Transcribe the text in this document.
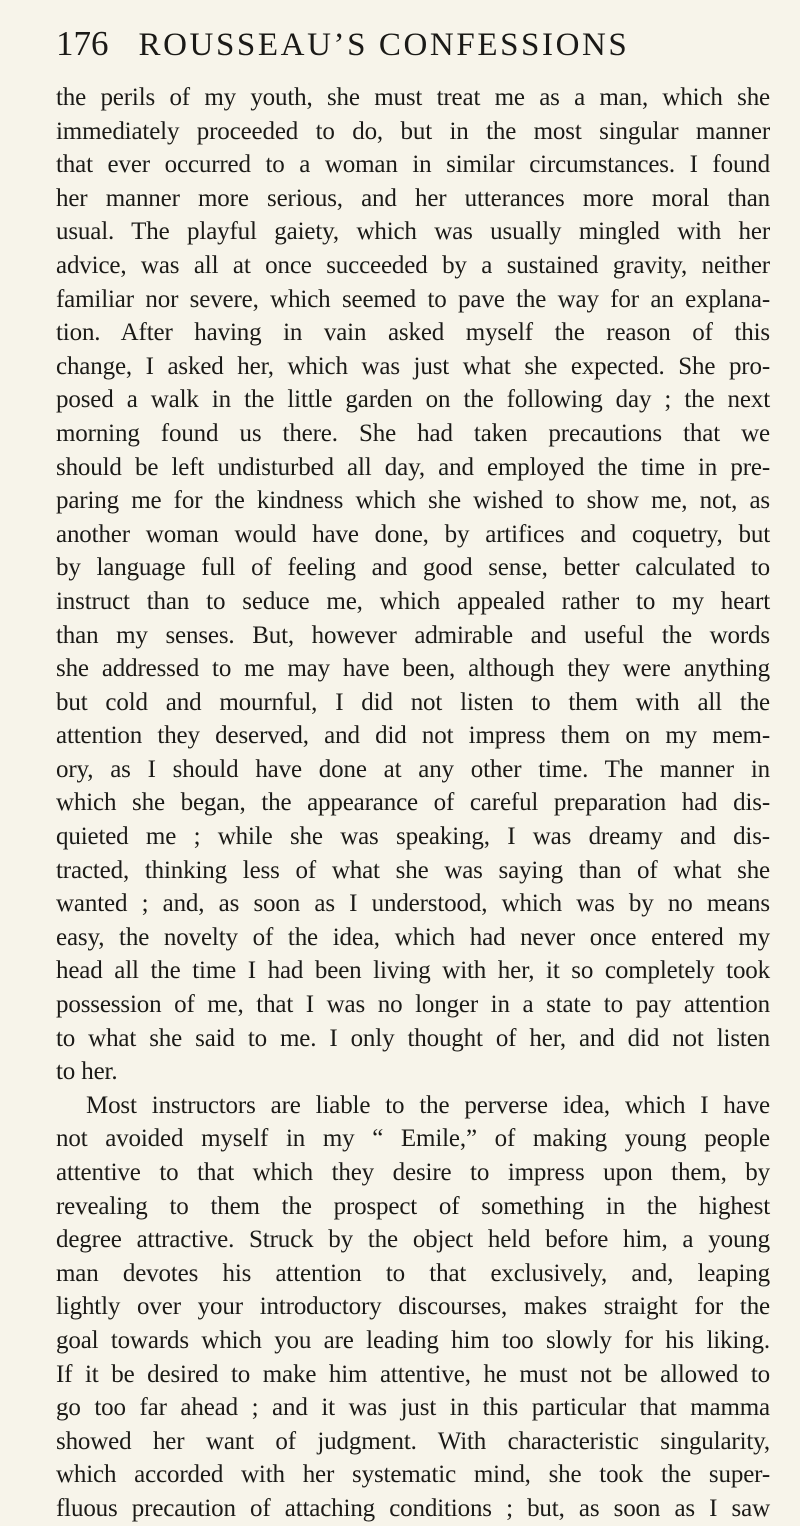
176 ROUSSEAU’S CONFESSIONS
the perils of my youth, she must treat me as a man, which she
immediately proceeded to do, but in the most singular manner
that ever occurred to a woman in similar circumstances. I found
her manner more serious, and her utterances more moral than
usual. The playful gaiety, which was usually mingled with her
advice, was all at once succeeded by a sustained gravity, neither
familiar nor severe, which seemed to pave the way for an explana-
tion. After having in vain asked myself the reason of this
change, I asked her, which was just what she expected. She pro-
posed a walk in the little garden on the following day ; the next
morning found us there. She had taken precautions that we
should be left undisturbed all day, and employed the time in pre-
paring me for the kindness which she wished to show me, not, as
another woman would have done, by artifices and coquetry, but
by language full of feeling and good sense, better calculated to
instruct than to seduce me, which appealed rather to my heart
than my senses. But, however admirable and useful the words
she addressed to me may have been, although they were anything
but cold and mournful, I did not listen to them with all the
attention they deserved, and did not impress them on my mem-
ory, as I should have done at any other time. The manner in
which she began, the appearance of careful preparation had dis-
quieted me ; while she was speaking, I was dreamy and dis-
tracted, thinking less of what she was saying than of what she
wanted ; and, as soon as I understood, which was by no means
easy, the novelty of the idea, which had never once entered my
head all the time I had been living with her, it so completely took
possession of me, that I was no longer in a state to pay attention
to what she said to me. I only thought of her, and did not listen
to her.
Most instructors are liable to the perverse idea, which I have
not avoided myself in my “ Emile,” of making young people
attentive to that which they desire to impress upon them, by
revealing to them the prospect of something in the highest
degree attractive. Struck by the object held before him, a young
man devotes his attention to that exclusively, and, leaping
lightly over your introductory discourses, makes straight for the
goal towards which you are leading him too slowly for his liking.
If it be desired to make him attentive, he must not be allowed to
go too far ahead ; and it was just in this particular that mamma
showed her want of judgment. With characteristic singularity,
which accorded with her systematic mind, she took the super-
fluous precaution of attaching conditions ; but, as soon as I saw
